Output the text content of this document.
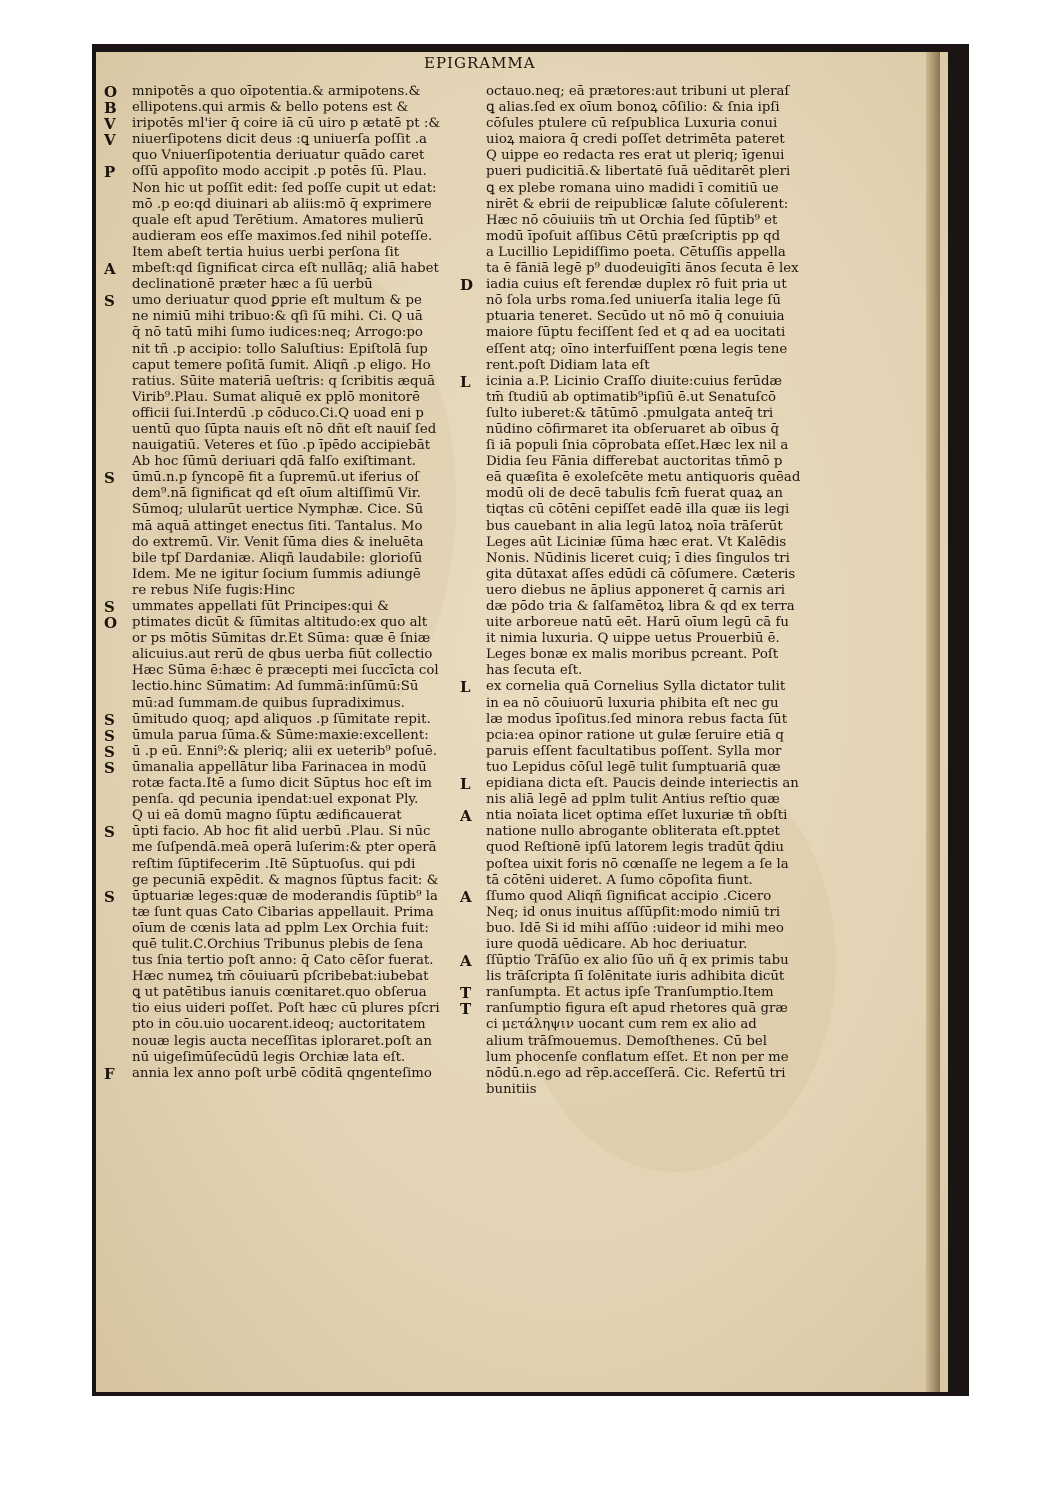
EPIGRAMMA
O mnipotēs a quo oīpotentia.& armipotens.&
B ellipotens.qui armis & bello potens est &
V iripotēs ml'ier q̄ coire iā cū uiro p ætatē pt :&
V niuerſipotens dicit deus :ꝗ uniuerſa poſſit .a
quo Vniuerſipotentia deriuatur quādo caret
P oſſū appoſito modo accipit .p potēs ſū. Plau.
Non hic ut poſſit edit: ſed poſſe cupit ut edat:
mō .p eo:qd diuinari ab aliis:mō q̄ exprimere
quale eſt apud Terētium. Amatores mulierū
audieram eos eſſe maximos.ſed nihil poteſſe.
Item abeſt tertia huius uerbi perſona ſit
A mbeſt:qd ſignificat circa eſt nullāq; aliā habet
declinationē præter hæc a ſū uerbū
S umo deriuatur quod ꝑprie eſt multum & pe
ne nimiū mihi tribuo:& qſi ſū mihi. Ci. Q uā
q̄ nō tatū mihi ſumo iudices:neq; Arrogo:po
nit tñ .p accipio: tollo Saluſtius: Epiſtolā ſup
caput temere poſitā ſumit. Aliqñ .p eligo. Ho
ratius. Sūite materiā ueſtris: q ſcribitis æquā
Virib⁹.Plau. Sumat aliquē ex pplō monitorē
officii ſui.Interdū .p cōduco.Ci.Q uoad eni p
uentū quo ſūpta nauis eſt nō dñt eſt nauiſ ſed
nauigatiū. Veteres et ſūo .p īpēdo accipiebāt
Ab hoc ſūmū deriuari qdā falſo exiſtimant.
S ūmū.n.p ſyncopē fit a ſupremū.ut iferius oſ
dem⁹.nā ſignificat qd eſt oīum altiſſimū Vir.
Sūmoq; ulularūt uertice Nymphæ. Cice. Sū
mā aquā attinget enectus ſiti. Tantalus. Mo
do extremū. Vir. Venit ſūma dies & ineluēta
bile tpſ Dardaniæ. Aliqñ laudabile: glorioſū
Idem. Me ne igitur ſocium ſummis adiungē
re rebus Niſe fugis:Hinc
S ummates appellati ſūt Principes:qui &
O ptimates dicūt & ſūmitas altitudo:ex quo alt
or ps mōtis Sūmitas dr.Et Sūma: quæ ē ſniæ
alicuius.aut rerū de qbus uerba fiūt collectio
Hæc Sūma ē:hæc ē præcepti mei ſuccīcta col
lectio.hinc Sūmatim: Ad ſummā:inſūmū:Sū
mū:ad ſummam.de quibus ſupradiximus.
S ūmitudo quoq; apd aliquos .p ſūmitate repit.
S ūmula parua ſūma.& Sūme:maxie:excellent:
S ū .p eū. Enni⁹:& pleriq; alii ex ueterib⁹ poſuē.
S ūmanalia appellātur liba Farinacea in modū
rotæ facta.Itē a ſumo dicit Sūptus hoc eſt im
penſa. qd pecunia ipendat:uel exponat Ply.
Q ui eā domū magno ſūptu ædificauerat
S ūpti facio. Ab hoc fit alid uerbū .Plau. Si nūc
me ſuſpendā.meā operā luſerim:& pter operā
reſtim ſūptifecerim .Itē Sūptuoſus. qui pdi
ge pecuniā expēdit. & magnos ſūptus facit: &
S ūptuariæ leges:quæ de moderandis ſūptib⁹ la
tæ ſunt quas Cato Cibarias appellauit. Prima
oīum de cœnis lata ad pplm Lex Orchia fuit:
quē tulit.C.Orchius Tribunus plebis de ſena
tus ſnia tertio poſt anno: q̄ Cato cēſor fuerat.
Hæc numeꝝ tm̄ cōuiuarū pſcribebat:iubebat
ꝗ ut patētibus ianuis cœnitaret.quo obſerua
tio eius uideri poſſet. Poſt hæc cū plures pſcri
pto in cōu.uio uocarent.ideoq; auctoritatem
nouæ legis aucta neceſſitas iploraret.poſt an
nū uigeſimūſecūdū legis Orchiæ lata eſt.
F annia lex anno poſt urbē cōditā qngenteſimo
octauo.neq; eā prætores:aut tribuni ut pleraſ
ꝗ alias.ſed ex oīum bonoꝝ cōſilio: & ſnia ipſi
cōſules ptulere cū reſpublica Luxuria conui
uioꝝ maiora q̄ credi poſſet detrimēta pateret
Q uippe eo redacta res erat ut pleriq; īgenui
pueri pudicitiā.& libertatē ſuā uēditarēt pleri
ꝗ ex plebe romana uino madidi ī comitiū ue
nirēt & ebrii de reipublicæ ſalute cōſulerent:
Hæc nō cōuiuiis tm̄ ut Orchia ſed ſūptib⁹ et
modū īpoſuit aſſibus Cētū præſcriptis pp qd
a Lucillio Lepidiſſimo poeta. Cētuſſis appella
ta ē fāniā legē p⁹ duodeuigīti ānos ſecuta ē lex
D iadia cuius eſt ferendæ duplex rō fuit pria ut
nō ſola urbs roma.ſed uniuerſa italia lege ſū
ptuaria teneret. Secūdo ut nō mō q̄ conuiuia
maiore ſūptu feciſſent ſed et q ad ea uocitati
eſſent atq; oīno interfuiſſent pœna legis tene
rent.poſt Didiam lata eſt
L icinia a.P. Licinio Craſſo diuite:cuius ferūdæ
tm̄ ſtudiū ab optimatib⁹ipſiū ē.ut Senatuſcō
ſulto iuberet:& tātūmō .pmulgata anteq̄ tri
nūdino cōfirmaret ita obſeruaret ab oībus q̄
ſi iā populi ſnia cōprobata eſſet.Hæc lex nil a
Didia ſeu Fānia differebat auctoritas tn̄mō p
eā quæſita ē exoleſcēte metu antiquoris quēad
modū oli de decē tabulis fcm̄ fuerat quaꝝ an
tiqtas cū cōtēni cepiſſet eadē illa quæ iis legi
bus cauebant in alia legū latoꝝ noīa trāſerūt
Leges aūt Liciniæ ſūma hæc erat. Vt Kalēdis
Nonis. Nūdinis liceret cuiq; ī dies ſingulos tri
gita dūtaxat aſſes edūdi cā cōſumere. Cæteris
uero diebus ne āplius apponeret q̄ carnis ari
dæ pōdo tria & ſalſamētoꝝ libra & qd ex terra
uite arboreue natū eēt. Harū oīum legū cā fu
it nimia luxuria. Q uippe uetus Prouerbiū ē.
Leges bonæ ex malis moribus pcreant. Poſt
has ſecuta eſt.
L ex cornelia quā Cornelius Sylla dictator tulit
in ea nō cōuiuorū luxuria phibita eſt nec gu
læ modus īpoſitus.ſed minora rebus facta ſūt
pcia:ea opinor ratione ut gulæ ſeruire etiā q
paruis eſſent facultatibus poſſent. Sylla mor
tuo Lepidus cōſul legē tulit ſumptuariā quæ
L epidiana dicta eſt. Paucis deinde interiectis an
nis aliā legē ad pplm tulit Antius reſtio quæ
A ntia noīata licet optima eſſet luxuriæ tñ obſti
natione nullo abrogante obliterata eſt.pptet
quod Reſtionē ipſū latorem legis tradūt q̄diu
poſtea uixit foris nō cœnaſſe ne legem a ſe la
tā cōtēni uideret. A ſumo cōpoſita fiunt.
A ſſumo quod Aliqñ ſignificat accipio .Cicero
Neq; id onus inuitus aſſūpſit:modo nimiū tri
buo. Idē Si id mihi aſſūo :uideor id mihi meo
iure quodā uēdicare. Ab hoc deriuatur.
A ſſūptio Trāſūo ex alio ſūo uñ q̄ ex primis tabu
lis trāſcripta ſī ſolēnitate iuris adhibita dicūt
T ranſumpta. Et actus ipſe Tranſumptio.Item
T ranſumptio figura eſt apud rhetores quā græ
ci μετάληψιν uocant cum rem ex alio ad
alium trāſmouemus. Demoſthenes. Cū bel
lum phocenſe conflatum eſſet. Et non per me
nōdū.n.ego ad rēp.acceſſerā. Cic. Refertū tri
bunitiis
